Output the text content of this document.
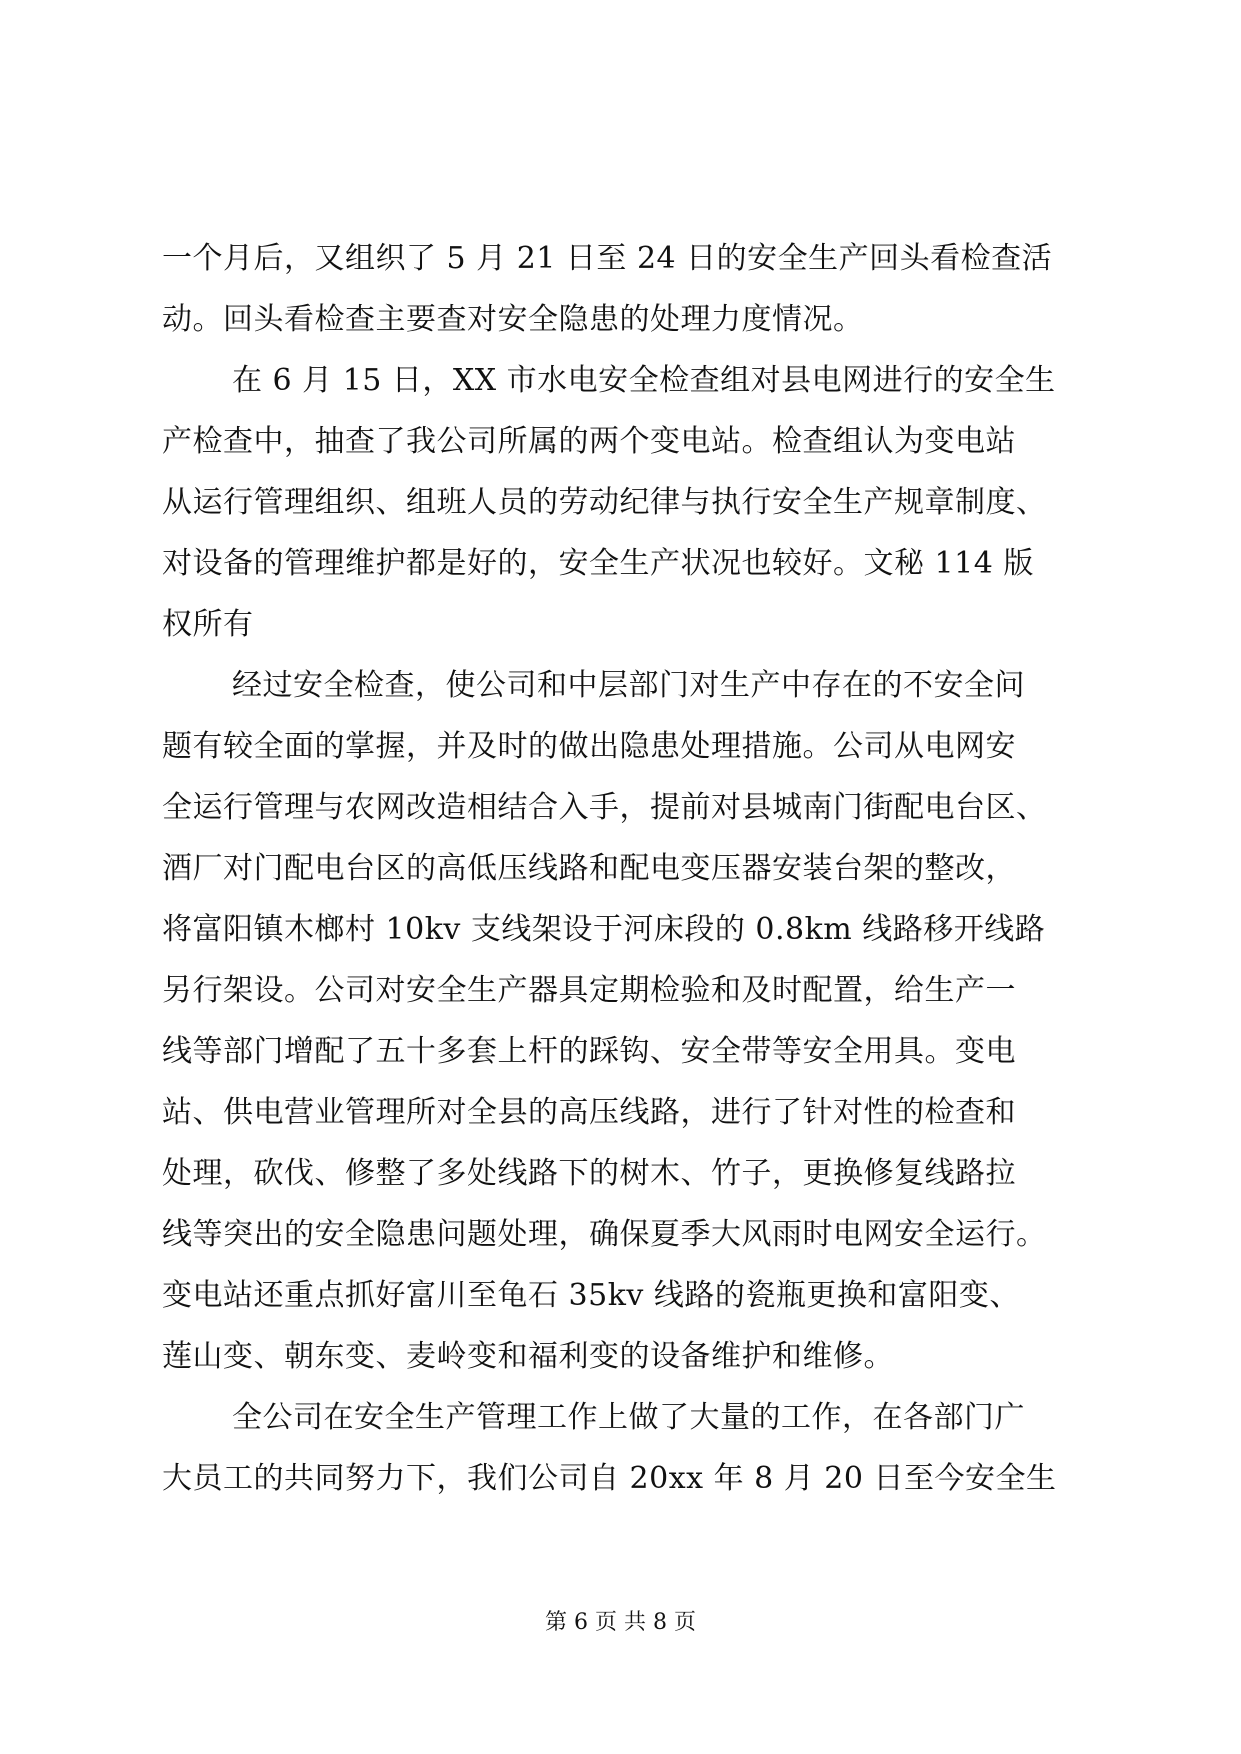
一个月后，又组织了 5 月 21 日至 24 日的安全生产回头看检查活
动。回头看检查主要查对安全隐患的处理力度情况。
在 6 月 15 日，XX 市水电安全检查组对县电网进行的安全生
产检查中，抽查了我公司所属的两个变电站。检查组认为变电站
从运行管理组织、组班人员的劳动纪律与执行安全生产规章制度、
对设备的管理维护都是好的，安全生产状况也较好。文秘 114 版
权所有
经过安全检查，使公司和中层部门对生产中存在的不安全问
题有较全面的掌握，并及时的做出隐患处理措施。公司从电网安
全运行管理与农网改造相结合入手，提前对县城南门街配电台区、
酒厂对门配电台区的高低压线路和配电变压器安装台架的整改，
将富阳镇木榔村 10kv 支线架设于河床段的 0.8km 线路移开线路
另行架设。公司对安全生产器具定期检验和及时配置，给生产一
线等部门增配了五十多套上杆的踩钩、安全带等安全用具。变电
站、供电营业管理所对全县的高压线路，进行了针对性的检查和
处理，砍伐、修整了多处线路下的树木、竹子，更换修复线路拉
线等突出的安全隐患问题处理，确保夏季大风雨时电网安全运行。
变电站还重点抓好富川至龟石 35kv 线路的瓷瓶更换和富阳变、
莲山变、朝东变、麦岭变和福利变的设备维护和维修。
全公司在安全生产管理工作上做了大量的工作，在各部门广
大员工的共同努力下，我们公司自 20xx 年 8 月 20 日至今安全生
第 6 页 共 8 页
